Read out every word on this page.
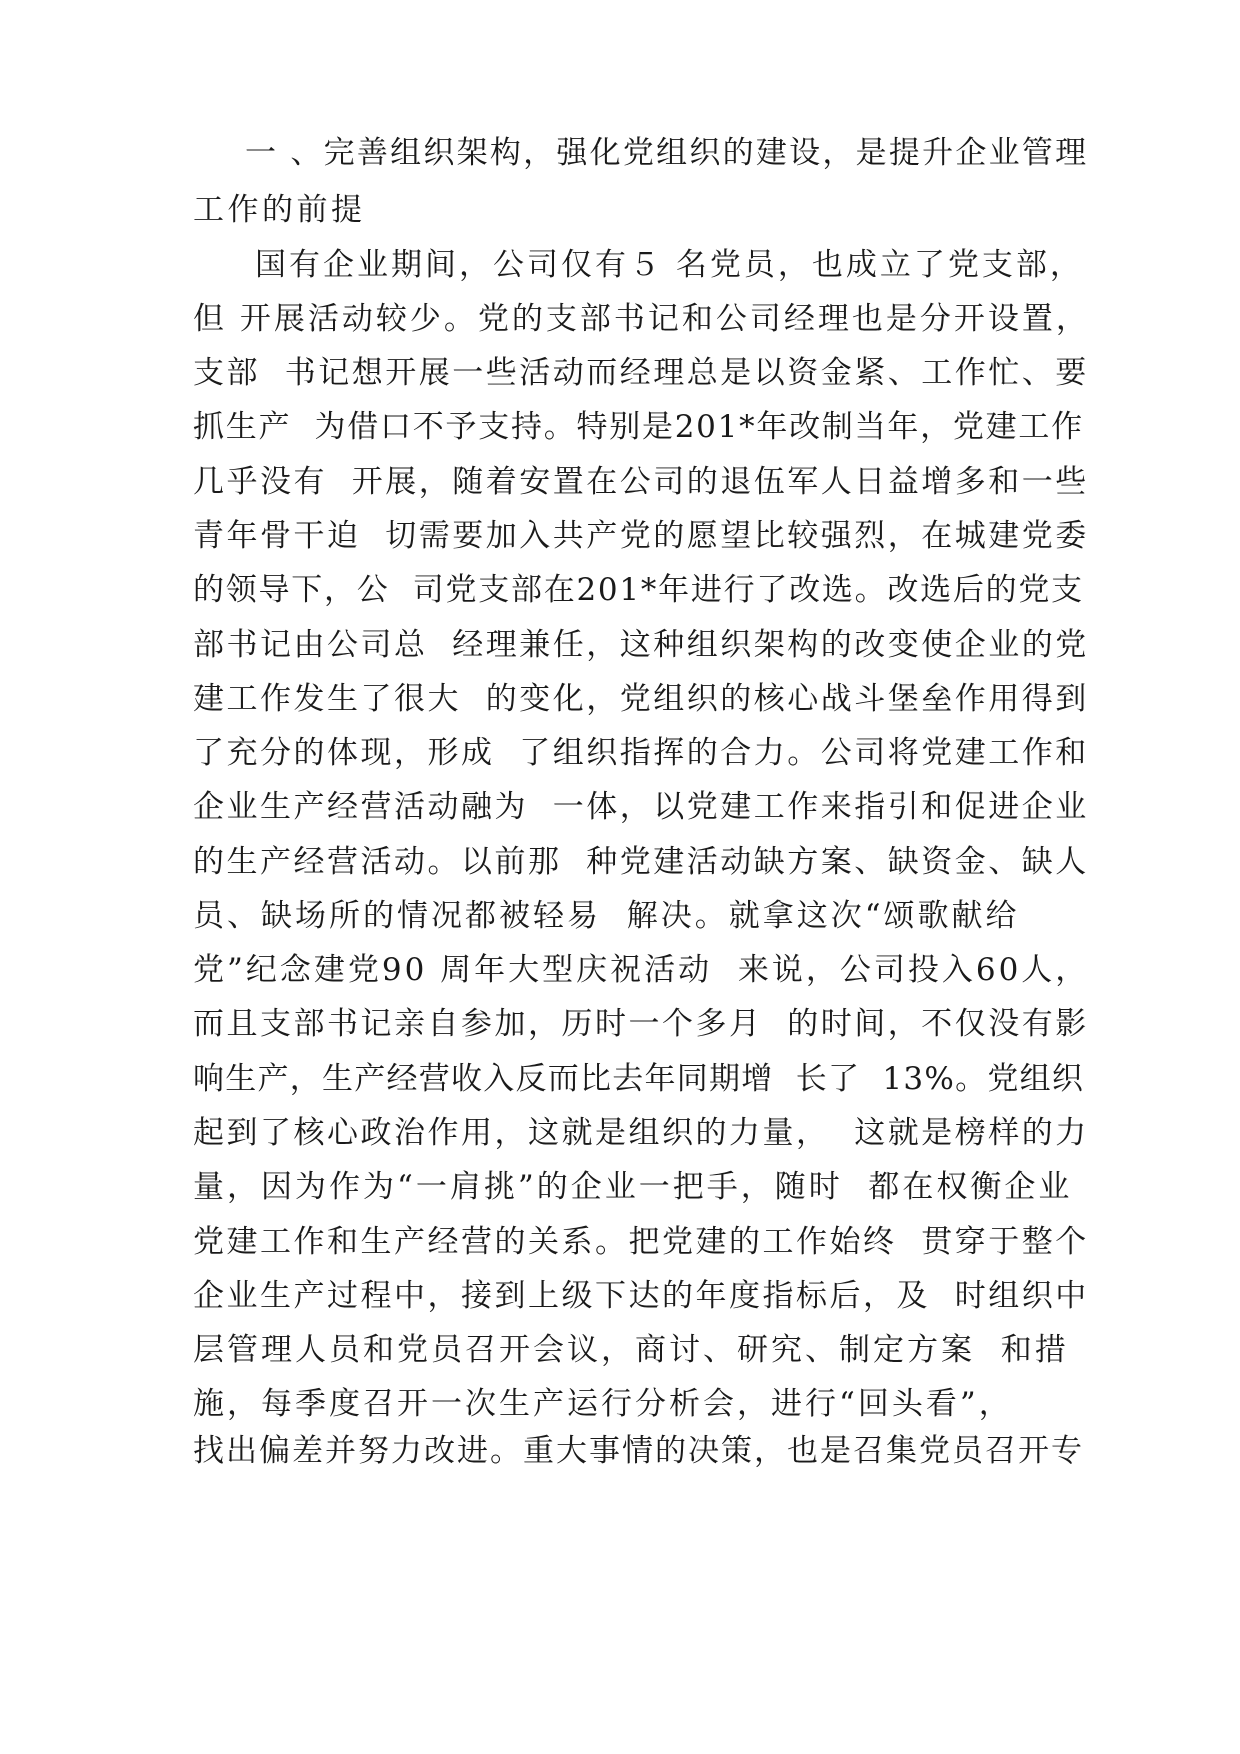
一 、完善组织架构，强化党组织的建设，是提升企业管理
工作的前提
国有企业期间，公司仅有５ 名党员，也成立了党支部，
但 开展活动较少。党的支部书记和公司经理也是分开设置，
支部  书记想开展一些活动而经理总是以资金紧、工作忙、要
抓生产  为借口不予支持。特别是201*年改制当年，党建工作
几乎没有  开展，随着安置在公司的退伍军人日益增多和一些
青年骨干迫  切需要加入共产党的愿望比较强烈，在城建党委
的领导下，公  司党支部在201*年进行了改选。改选后的党支
部书记由公司总  经理兼任，这种组织架构的改变使企业的党
建工作发生了很大  的变化，党组织的核心战斗堡垒作用得到
了充分的体现，形成  了组织指挥的合力。公司将党建工作和
企业生产经营活动融为  一体，以党建工作来指引和促进企业
的生产经营活动。以前那  种党建活动缺方案、缺资金、缺人
员、缺场所的情况都被轻易  解决。就拿这次“颂歌献给
党”纪念建党90 周年大型庆祝活动  来说，公司投入60人，
而且支部书记亲自参加，历时一个多月  的时间，不仅没有影
响生产，生产经营收入反而比去年同期增  长了  13%。党组织
起到了核心政治作用，这就是组织的力量，  这就是榜样的力
量，因为作为“一肩挑”的企业一把手，随时  都在权衡企业
党建工作和生产经营的关系。把党建的工作始终  贯穿于整个
企业生产过程中，接到上级下达的年度指标后，及  时组织中
层管理人员和党员召开会议，商讨、研究、制定方案  和措
施，每季度召开一次生产运行分析会，进行“回头看”，
找出偏差并努力改进。重大事情的决策，也是召集党员召开专
